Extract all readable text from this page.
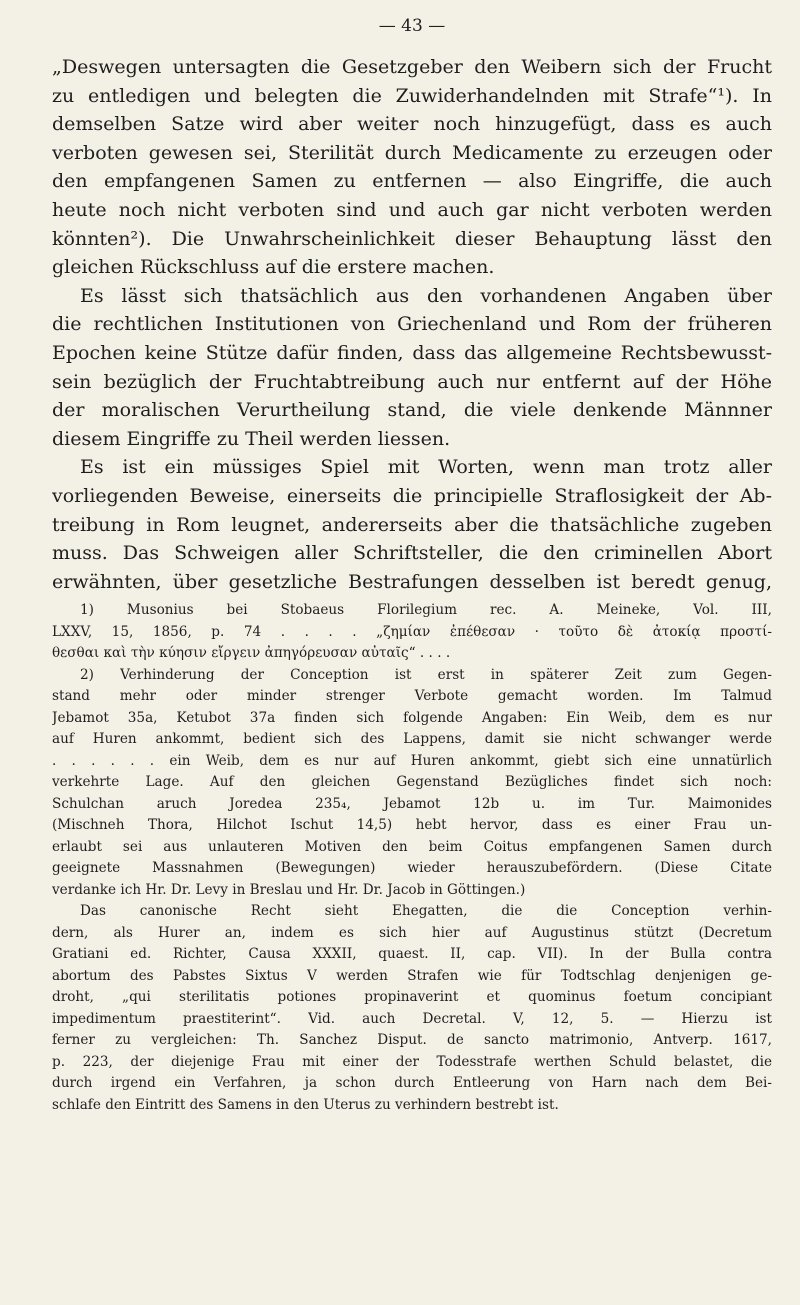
— 43 —
„Deswegen untersagten die Gesetzgeber den Weibern sich der Frucht
zu entledigen und belegten die Zuwiderhandelnden mit Strafe“¹). In
demselben Satze wird aber weiter noch hinzugefügt, dass es auch
verboten gewesen sei, Sterilität durch Medicamente zu erzeugen oder
den empfangenen Samen zu entfernen — also Eingriffe, die auch
heute noch nicht verboten sind und auch gar nicht verboten werden
könnten²). Die Unwahrscheinlichkeit dieser Behauptung lässt den
gleichen Rückschluss auf die erstere machen.
Es lässt sich thatsächlich aus den vorhandenen Angaben über
die rechtlichen Institutionen von Griechenland und Rom der früheren
Epochen keine Stütze dafür finden, dass das allgemeine Rechtsbewusst-
sein bezüglich der Fruchtabtreibung auch nur entfernt auf der Höhe
der moralischen Verurtheilung stand, die viele denkende Männner
diesem Eingriffe zu Theil werden liessen.
Es ist ein müssiges Spiel mit Worten, wenn man trotz aller
vorliegenden Beweise, einerseits die principielle Straflosigkeit der Ab-
treibung in Rom leugnet, andererseits aber die thatsächliche zugeben
muss. Das Schweigen aller Schriftsteller, die den criminellen Abort
erwähnten, über gesetzliche Bestrafungen desselben ist beredt genug,
1) Musonius bei Stobaeus Florilegium rec. A. Meineke, Vol. III,
LXXV, 15, 1856, p. 74 . . . . „ζημίαν ἐπέθεσαν · τοῦτο δὲ ἀτοκίᾳ προστί-
θεσθαι καὶ τὴν κύησιν εἴργειν ἀπηγόρευσαν αὐταῖς“ . . . .
2) Verhinderung der Conception ist erst in späterer Zeit zum Gegen-
stand mehr oder minder strenger Verbote gemacht worden. Im Talmud
Jebamot 35a, Ketubot 37a finden sich folgende Angaben: Ein Weib, dem es nur
auf Huren ankommt, bedient sich des Lappens, damit sie nicht schwanger werde
. . . . . . ein Weib, dem es nur auf Huren ankommt, giebt sich eine unnatürlich
verkehrte Lage. Auf den gleichen Gegenstand Bezügliches findet sich noch:
Schulchan aruch Joredea 235₄, Jebamot 12b u. im Tur. Maimonides
(Mischneh Thora, Hilchot Ischut 14,5) hebt hervor, dass es einer Frau un-
erlaubt sei aus unlauteren Motiven den beim Coitus empfangenen Samen durch
geeignete Massnahmen (Bewegungen) wieder herauszubefördern. (Diese Citate
verdanke ich Hr. Dr. Levy in Breslau und Hr. Dr. Jacob in Göttingen.)
Das canonische Recht sieht Ehegatten, die die Conception verhin-
dern, als Hurer an, indem es sich hier auf Augustinus stützt (Decretum
Gratiani ed. Richter, Causa XXXII, quaest. II, cap. VII). In der Bulla contra
abortum des Pabstes Sixtus V werden Strafen wie für Todtschlag denjenigen ge-
droht, „qui sterilitatis potiones propinaverint et quominus foetum concipiant
impedimentum praestiterint“. Vid. auch Decretal. V, 12, 5. — Hierzu ist
ferner zu vergleichen: Th. Sanchez Disput. de sancto matrimonio, Antverp. 1617,
p. 223, der diejenige Frau mit einer der Todesstrafe werthen Schuld belastet, die
durch irgend ein Verfahren, ja schon durch Entleerung von Harn nach dem Bei-
schlafe den Eintritt des Samens in den Uterus zu verhindern bestrebt ist.
